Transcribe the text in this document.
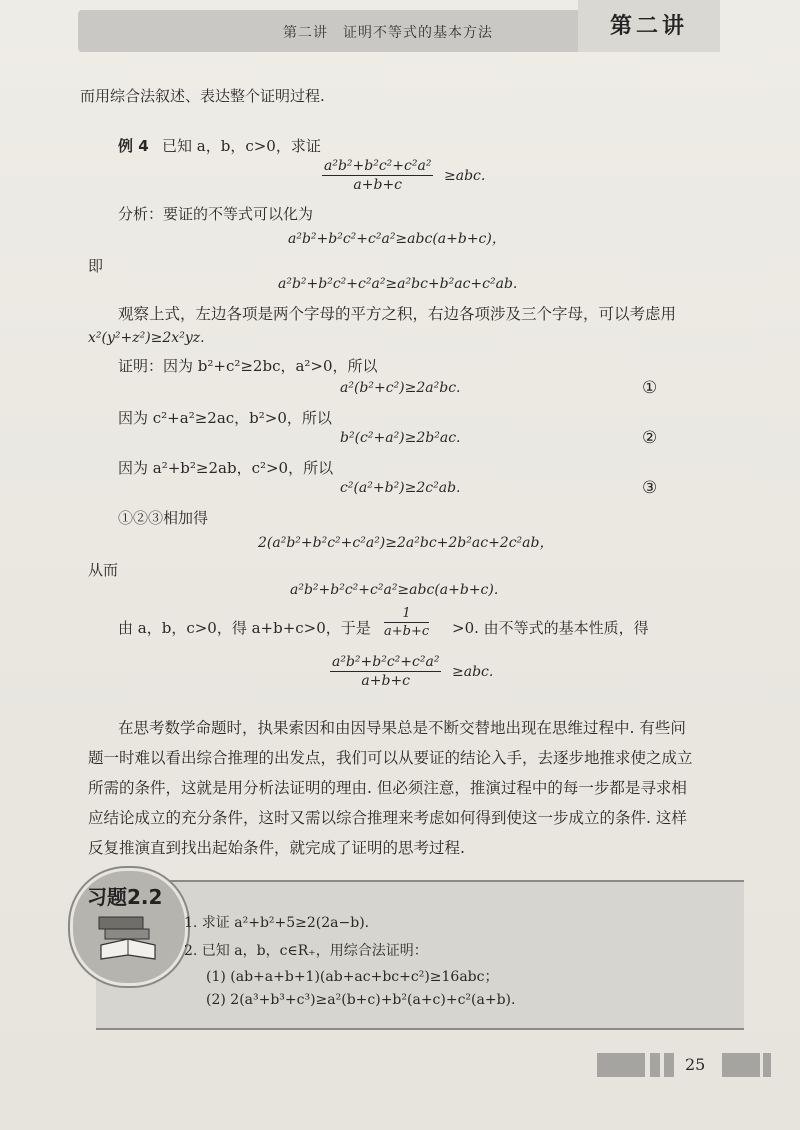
第二讲　证明不等式的基本方法	第二讲
而用综合法叙述、表达整个证明过程.
例 4 已知 a，b，c>0，求证
$\frac{\text{a²b²+b²c²+c²a²}}{a+b+c} \ge abc$.
分析：要证的不等式可以化为
a²b²+b²c²+c²a²≥abc(a+b+c)，
即
a²b²+b²c²+c²a²≥a²bc+b²ac+c²ab.
观察上式，左边各项是两个字母的平方之积，右边各项涉及三个字母，可以考虑用
x²(y²+z²)≥2x²yz.
证明：因为 b²+c²≥2bc，a²>0，所以
a²(b²+c²)≥2a²bc.	①
因为 c²+a²≥2ac，b²>0，所以
b²(c²+a²)≥2b²ac.	②
因为 a²+b²≥2ab，c²>0，所以
c²(a²+b²)≥2c²ab.	③
①②③相加得
2(a²b²+b²c²+c²a²)≥2a²bc+2b²ac+2c²ab，
从而
a²b²+b²c²+c²a²≥abc(a+b+c).
由 a，b，c>0，得 a+b+c>0，于是 $\frac{1}{a+b+c} >0$. 由不等式的基本性质，得
$\frac{\text{a²b²+b²c²+c²a²}}{a+b+c} \ge abc$.
在思考数学命题时，执果索因和由因导果总是不断交替地出现在思维过程中. 有些问
题一时难以看出综合推理的出发点，我们可以从要证的结论入手，去逐步地推求使之成立
所需的条件，这就是用分析法证明的理由. 但必须注意，推演过程中的每一步都是寻求相
应结论成立的充分条件，这时又需以综合推理来考虑如何得到使这一步成立的条件. 这样
反复推演直到找出起始条件，就完成了证明的思考过程.
习题2.2
1. 求证 a²+b²+5≥2(2a−b).
2. 已知 a，b，c∈R₊，用综合法证明：
(1) (ab+a+b+1)(ab+ac+bc+c²)≥16abc；
(2) 2(a³+b³+c³)≥a²(b+c)+b²(a+c)+c²(a+b).
25
